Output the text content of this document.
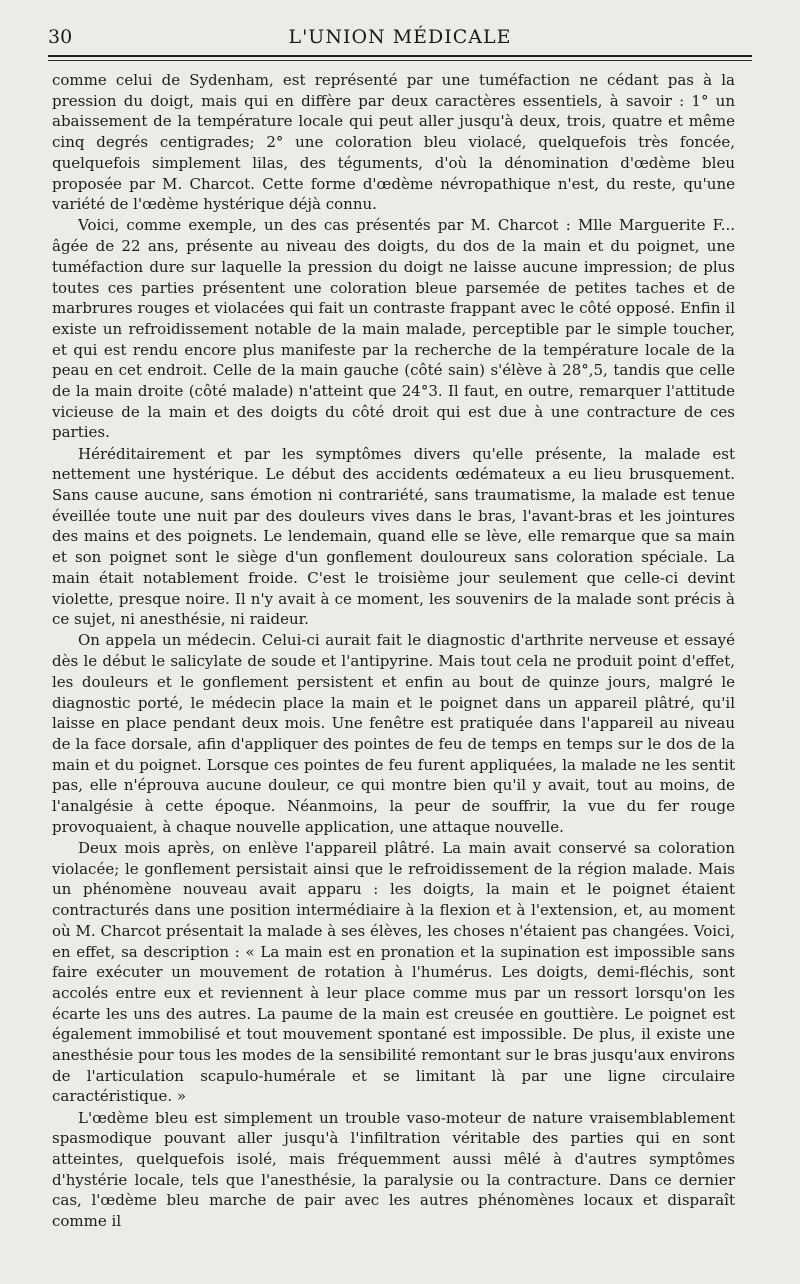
30	L'UNION MÉDICALE

comme celui de Sydenham, est représenté par une tuméfaction ne cédant pas à la pression du doigt, mais qui en diffère par deux caractères essentiels, à savoir : 1° un abaissement de la température locale qui peut aller jusqu'à deux, trois, quatre et même cinq degrés centigrades; 2° une coloration bleu violacé, quelquefois très foncée, quelquefois simplement lilas, des téguments, d'où la dénomination d'œdème bleu proposée par M. Charcot. Cette forme d'œdème névropathique n'est, du reste, qu'une variété de l'œdème hystérique déjà connu.

Voici, comme exemple, un des cas présentés par M. Charcot : Mlle Marguerite F... âgée de 22 ans, présente au niveau des doigts, du dos de la main et du poignet, une tuméfaction dure sur laquelle la pression du doigt ne laisse aucune impression; de plus toutes ces parties présentent une coloration bleue parsemée de petites taches et de marbrures rouges et violacées qui fait un contraste frappant avec le côté opposé. Enfin il existe un refroidissement notable de la main malade, perceptible par le simple toucher, et qui est rendu encore plus manifeste par la recherche de la température locale de la peau en cet endroit. Celle de la main gauche (côté sain) s'élève à 28°,5, tandis que celle de la main droite (côté malade) n'atteint que 24°3. Il faut, en outre, remarquer l'attitude vicieuse de la main et des doigts du côté droit qui est due à une contracture de ces parties.

Héréditairement et par les symptômes divers qu'elle présente, la malade est nettement une hystérique. Le début des accidents œdémateux a eu lieu brusquement. Sans cause aucune, sans émotion ni contrariété, sans traumatisme, la malade est tenue éveillée toute une nuit par des douleurs vives dans le bras, l'avant-bras et les jointures des mains et des poignets. Le lendemain, quand elle se lève, elle remarque que sa main et son poignet sont le siège d'un gonflement douloureux sans coloration spéciale. La main était notablement froide. C'est le troisième jour seulement que celle-ci devint violette, presque noire. Il n'y avait à ce moment, les souvenirs de la malade sont précis à ce sujet, ni anesthésie, ni raideur.

On appela un médecin. Celui-ci aurait fait le diagnostic d'arthrite nerveuse et essayé dès le début le salicylate de soude et l'antipyrine. Mais tout cela ne produit point d'effet, les douleurs et le gonflement persistent et enfin au bout de quinze jours, malgré le diagnostic porté, le médecin place la main et le poignet dans un appareil plâtré, qu'il laisse en place pendant deux mois. Une fenêtre est pratiquée dans l'appareil au niveau de la face dorsale, afin d'appliquer des pointes de feu de temps en temps sur le dos de la main et du poignet. Lorsque ces pointes de feu furent appliquées, la malade ne les sentit pas, elle n'éprouva aucune douleur, ce qui montre bien qu'il y avait, tout au moins, de l'analgésie à cette époque. Néanmoins, la peur de souffrir, la vue du fer rouge provoquaient, à chaque nouvelle application, une attaque nouvelle.

Deux mois après, on enlève l'appareil plâtré. La main avait conservé sa coloration violacée; le gonflement persistait ainsi que le refroidissement de la région malade. Mais un phénomène nouveau avait apparu : les doigts, la main et le poignet étaient contracturés dans une position intermédiaire à la flexion et à l'extension, et, au moment où M. Charcot présentait la malade à ses élèves, les choses n'étaient pas changées. Voici, en effet, sa description : « La main est en pronation et la supination est impossible sans faire exécuter un mouvement de rotation à l'humérus. Les doigts, demi-fléchis, sont accolés entre eux et reviennent à leur place comme mus par un ressort lorsqu'on les écarte les uns des autres. La paume de la main est creusée en gouttière. Le poignet est également immobilisé et tout mouvement spontané est impossible. De plus, il existe une anesthésie pour tous les modes de la sensibilité remontant sur le bras jusqu'aux environs de l'articulation scapulo-humérale et se limitant là par une ligne circulaire caractéristique. »

L'œdème bleu est simplement un trouble vaso-moteur de nature vraisemblablement spasmodique pouvant aller jusqu'à l'infiltration véritable des parties qui en sont atteintes, quelquefois isolé, mais fréquemment aussi mêlé à d'autres symptômes d'hystérie locale, tels que l'anesthésie, la paralysie ou la contracture. Dans ce dernier cas, l'œdème bleu marche de pair avec les autres phénomènes locaux et disparaît comme il
